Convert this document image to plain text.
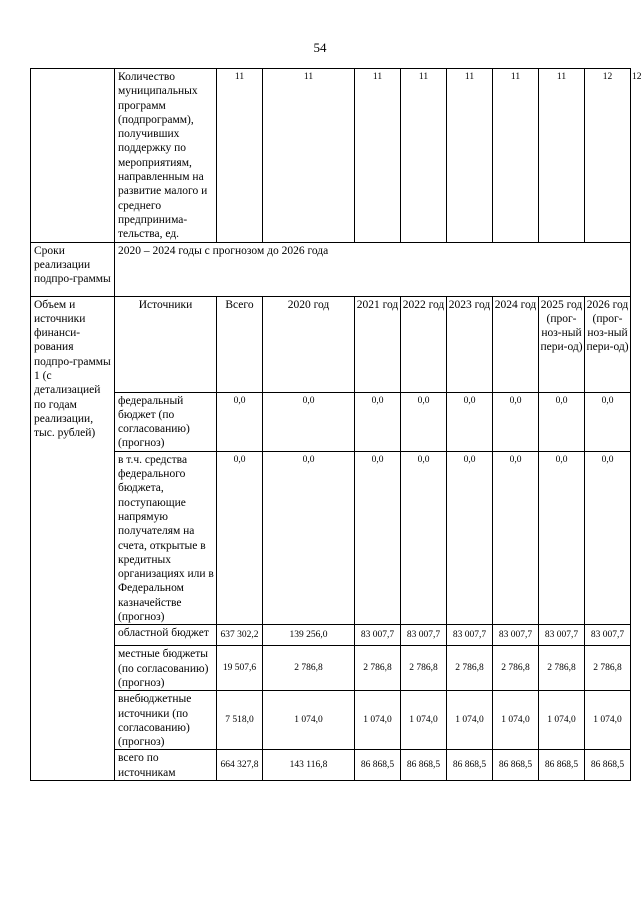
54
	Количество муниципальных программ (подпрограмм), получивших поддержку по мероприятиям, направленным на развитие малого и среднего предпринима-тельства, ед.	11	11	11	11	11	11	11	12	12
Сроки реализации подпро-граммы	2020 – 2024 годы с прогнозом до 2026 года									
Объем и источники финанси-рования подпро-граммы 1 (с детализацией по годам реализации, тыс. рублей)	Источники	Всего	2020 год	2021 год	2022 год	2023 год	2024 год	2025 год (прог-ноз-ный пери-од)	2026 год (прог-ноз-ный пери-од)	
	федеральный бюджет (по согласованию) (прогноз)	0,0	0,0	0,0	0,0	0,0	0,0	0,0	0,0	
	в т.ч. средства федерального бюджета, поступающие напрямую получателям на счета, открытые в кредитных организациях или в Федеральном казначействе (прогноз)	0,0	0,0	0,0	0,0	0,0	0,0	0,0	0,0	
	областной бюджет	637 302,2	139 256,0	83 007,7	83 007,7	83 007,7	83 007,7	83 007,7	83 007,7	
	местные бюджеты (по согласованию) (прогноз)	19 507,6	2 786,8	2 786,8	2 786,8	2 786,8	2 786,8	2 786,8	2 786,8	
	внебюджетные источники (по согласованию) (прогноз)	7 518,0	1 074,0	1 074,0	1 074,0	1 074,0	1 074,0	1 074,0	1 074,0	
	всего по источникам	664 327,8	143 116,8	86 868,5	86 868,5	86 868,5	86 868,5	86 868,5	86 868,5	
